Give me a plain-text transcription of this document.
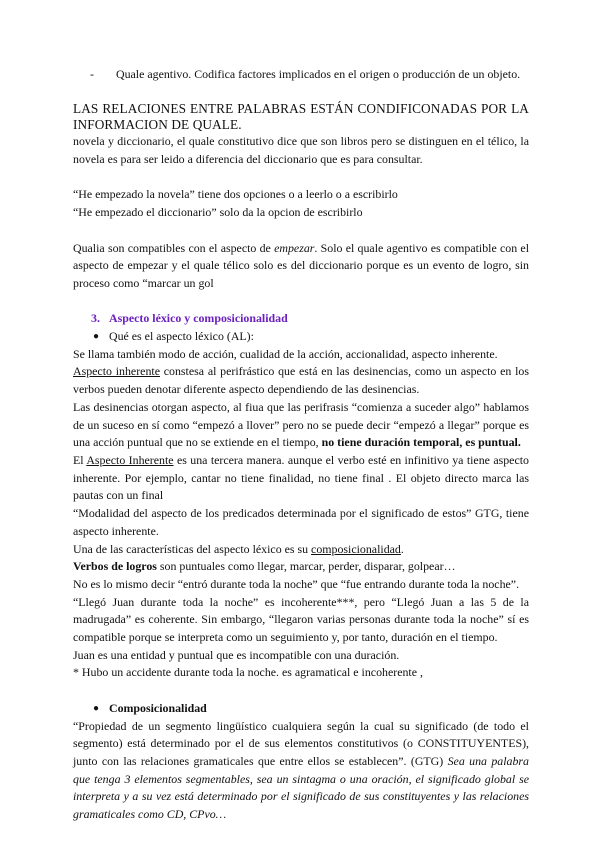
-	Quale agentivo. Codifica factores implicados en el origen o producción de un objeto.

LAS RELACIONES ENTRE PALABRAS ESTÁN CONDIFICONADAS POR LA INFORMACION DE QUALE.

novela y diccionario, el quale constitutivo dice que son libros pero se distinguen en el télico, la novela es para ser leido a diferencia del diccionario que es para consultar.

“He empezado la novela” tiene dos opciones o a leerlo o a escribirlo

“He empezado el diccionario” solo da la opcion de escribirlo

Qualia son compatibles con el aspecto de empezar. Solo el quale agentivo es compatible con el aspecto de empezar y el quale télico solo es del diccionario porque es un evento de logro, sin proceso como “marcar un gol

3. Aspecto léxico y composicionalidad

● Qué es el aspecto léxico (AL):

Se llama también modo de acción, cualidad de la acción, accionalidad, aspecto inherente.

Aspecto inherente constesa al perifrástico que está en las desinencias, como un aspecto en los verbos pueden denotar diferente aspecto dependiendo de las desinencias.

Las desinencias otorgan aspecto, al fiua que las perifrasis “comienza a suceder algo” hablamos de un suceso en sí como “empezó a llover” pero no se puede decir “empezó a llegar” porque es una acción puntual que no se extiende en el tiempo, no tiene duración temporal, es puntual.

El Aspecto Inherente es una tercera manera. aunque el verbo esté en infinitivo ya tiene aspecto inherente. Por ejemplo, cantar no tiene finalidad, no tiene final . El objeto directo marca las pautas con un final

“Modalidad del aspecto de los predicados determinada por el significado de estos” GTG, tiene aspecto inherente.

Una de las características del aspecto léxico es su composicionalidad.

Verbos de logros son puntuales como llegar, marcar, perder, disparar, golpear…

No es lo mismo decir “entró durante toda la noche” que “fue entrando durante toda la noche”.

“Llegó Juan durante toda la noche” es incoherente***, pero “Llegó Juan a las 5 de la madrugada” es coherente. Sin embargo, “llegaron varias personas durante toda la noche” sí es compatible porque se interpreta como un seguimiento y, por tanto, duración en el tiempo.

Juan es una entidad y puntual que es incompatible con una duración.

* Hubo un accidente durante toda la noche. es agramatical e incoherente ,

● Composicionalidad

“Propiedad de un segmento lingüístico cualquiera según la cual su significado (de todo el segmento) está determinado por el de sus elementos constitutivos (o CONSTITUYENTES), junto con las relaciones gramaticales que entre ellos se establecen”. (GTG) Sea una palabra que tenga 3 elementos segmentables, sea un sintagma o una oración, el significado global se interpreta y a su vez está determinado por el significado de sus constituyentes y las relaciones gramaticales como CD, CPvo…
